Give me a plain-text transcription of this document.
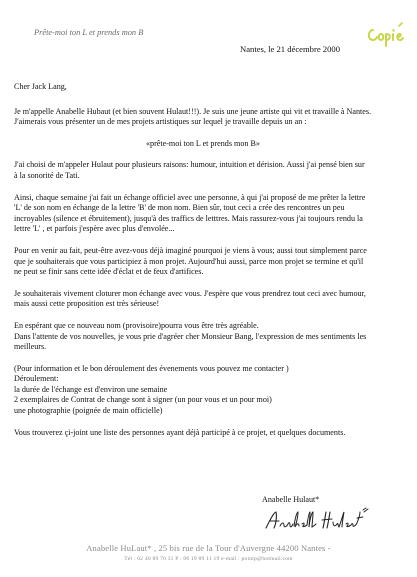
Prête-moi ton L et prends mon B
Nantes, le 21 décembre 2000

Cher Jack Lang,

Je m'appelle Anabelle Hubaut (et bien souvent Hulaut!!!). Je suis une jeune artiste qui vit et travaille à Nantes.
J'aimerais vous présenter un de mes projets artistiques sur lequel je travaille depuis un an :

«prête-moi ton L et prends mon B»

J'ai choisi de m'appeler Hulaut pour plusieurs raisons: humour, intuition et dérision. Aussi j'ai pensé bien sur
à la sonorité de Tati.

Ainsi, chaque semaine j'ai fait un échange officiel avec une personne, à qui j'ai proposé de me prêter la lettre
'L' de son nom en échange de la lettre 'B' de mon nom. Bien sûr, tout ceci a crée des rencontres un peu
incroyables (silence et ébruitement), jusqu'à des traffics de letttres. Mais rassurez-vous j'ai toujours rendu la
lettre 'L' , et parfois j'espère avec plus d'envolée...

Pour en venir au fait, peut-être avez-vous déjà imaginé pourquoi je viens à vous; aussi tout simplement parce
que je souhaiterais que vous participiez à mon projet. Aujourd'hui aussi, parce mon projet se termine et qu'il
ne peut se finir sans cette idée d'éclat et de feux d'artifices.

Je souhaiterais vivement cloturer mon échange avec vous. J'espère que vous prendrez tout ceci avec humour,
mais aussi cette proposition est très sérieuse!

En espérant que ce nouveau nom (provisoire)pourra vous être très agréable.
Dans l'attente de vos nouvelles, je vous prie d'agréer cher Monsieur Bang, l'expression de mes sentiments les
meilleurs.

(Pour information et le bon déroulement des évenements vous pouvez me contacter )
Déroulement:
la durée de l'échange est d'environ une semaine
2 exemplaires de Contrat de change sont à signer (un pour vous et un pour moi)
une photographie (poignée de main officielle)

Vous trouverez çi-joint une liste des personnes ayant déjà participé à ce projet, et quelques documents.

Anabelle Hulaut*
Anabelle HuLaut* , 25 bis rue de la Tour d'Auvergne 44200 Nantes -
Tél : 02 40 89 70 31 P : 06 19 89 11 19 e-mail : pointp@hotmail.com
